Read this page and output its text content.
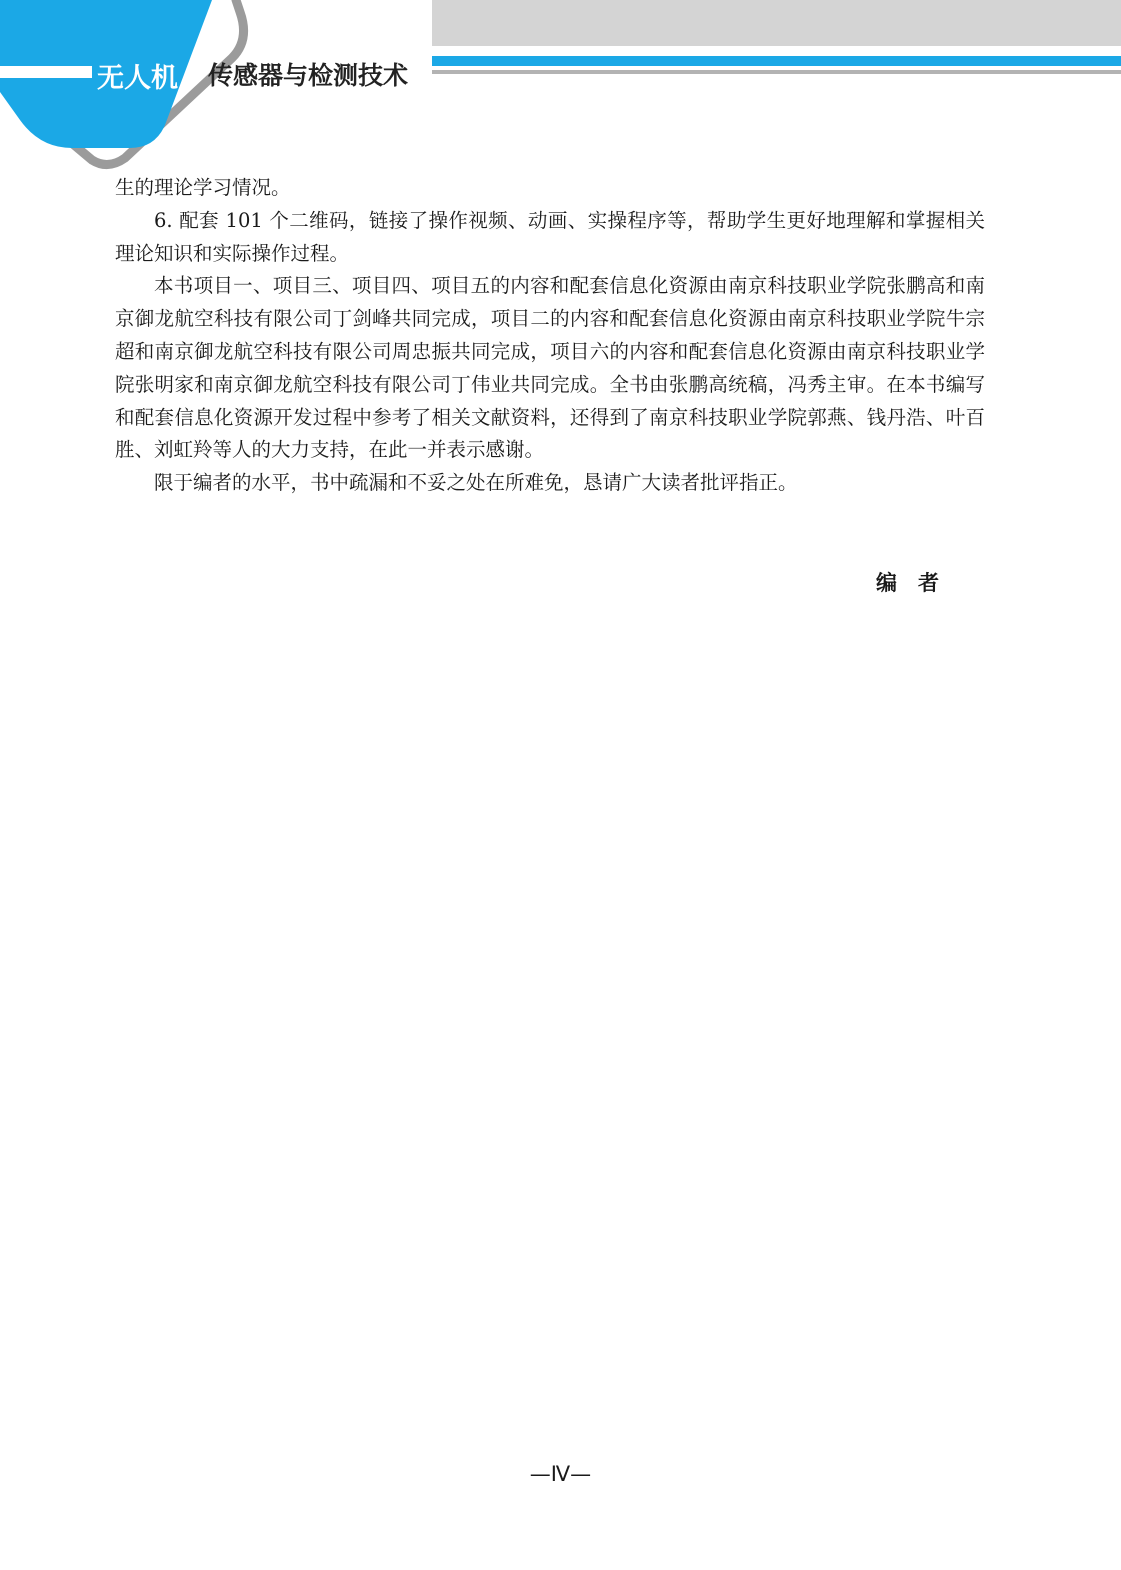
无人机 传感器与检测技术

生的理论学习情况。

6. 配套 101 个二维码，链接了操作视频、动画、实操程序等，帮助学生更好地理解和掌握相关理论知识和实际操作过程。

本书项目一、项目三、项目四、项目五的内容和配套信息化资源由南京科技职业学院张鹏高和南京御龙航空科技有限公司丁剑峰共同完成，项目二的内容和配套信息化资源由南京科技职业学院牛宗超和南京御龙航空科技有限公司周忠振共同完成，项目六的内容和配套信息化资源由南京科技职业学院张明家和南京御龙航空科技有限公司丁伟业共同完成。全书由张鹏高统稿，冯秀主审。在本书编写和配套信息化资源开发过程中参考了相关文献资料，还得到了南京科技职业学院郭燕、钱丹浩、叶百胜、刘虹羚等人的大力支持，在此一并表示感谢。

限于编者的水平，书中疏漏和不妥之处在所难免，恳请广大读者批评指正。

编　者
—Ⅳ—
